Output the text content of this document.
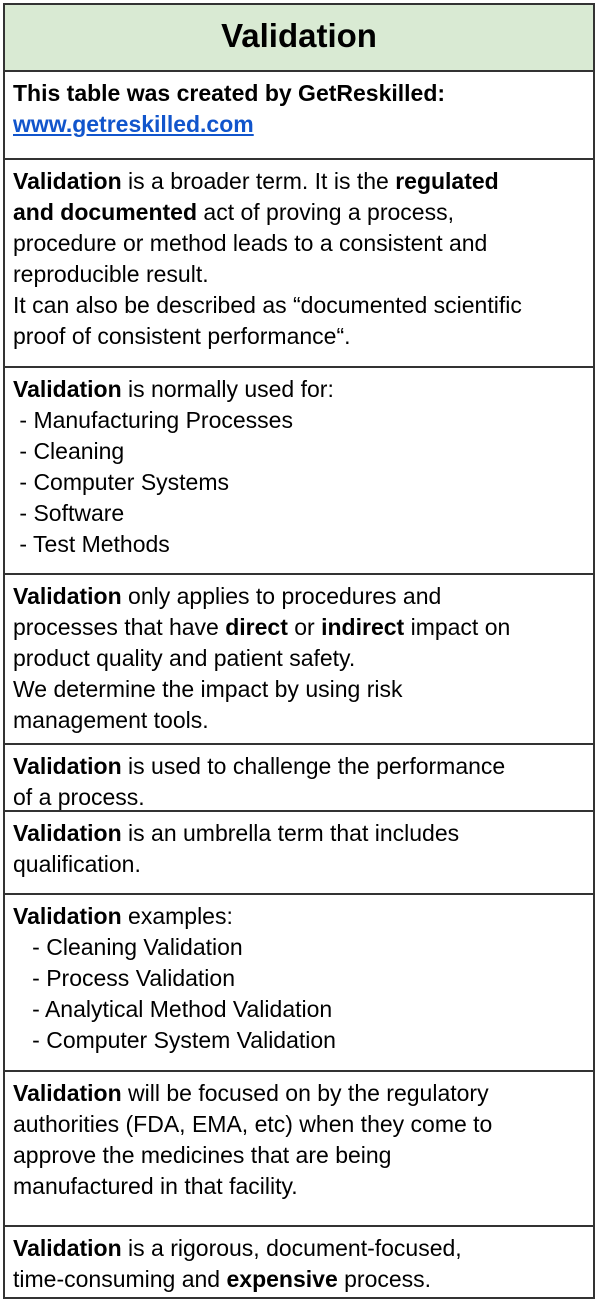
Validation
This table was created by GetReskilled:
www.getreskilled.com
Validation is a broader term. It is the regulated
and documented act of proving a process,
procedure or method leads to a consistent and
reproducible result.
It can also be described as “documented scientific
proof of consistent performance“.
Validation is normally used for:
- Manufacturing Processes
- Cleaning
- Computer Systems
- Software
- Test Methods
Validation only applies to procedures and
processes that have direct or indirect impact on
product quality and patient safety.
We determine the impact by using risk
management tools.
Validation is used to challenge the performance
of a process.
Validation is an umbrella term that includes
qualification.
Validation examples:
- Cleaning Validation
- Process Validation
- Analytical Method Validation
- Computer System Validation
Validation will be focused on by the regulatory
authorities (FDA, EMA, etc) when they come to
approve the medicines that are being
manufactured in that facility.
Validation is a rigorous, document-focused,
time-consuming and expensive process.
